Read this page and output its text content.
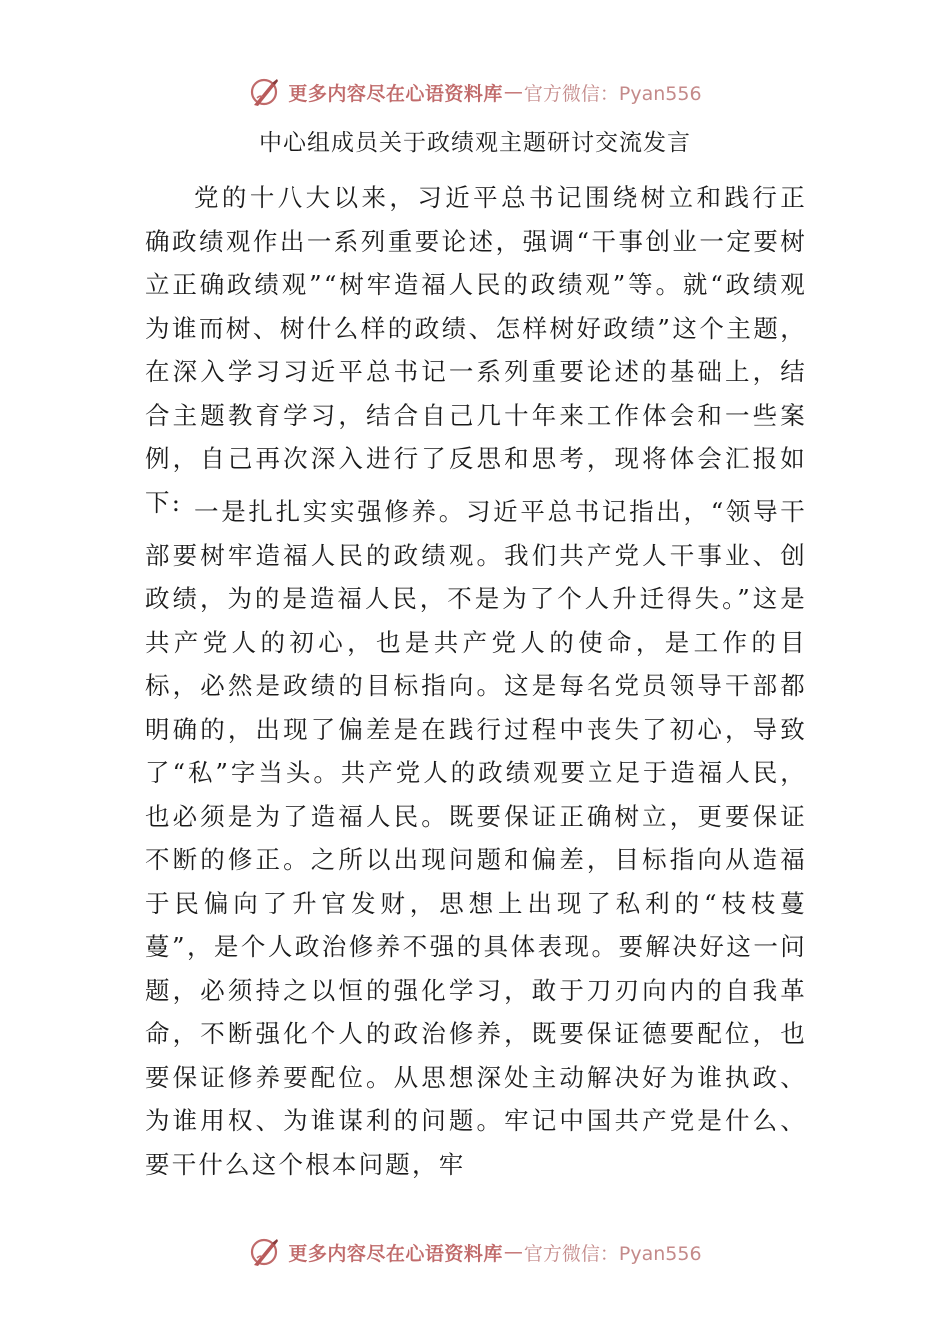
更多内容尽在心语资料库 — 官方微信：Pyan556
中心组成员关于政绩观主题研讨交流发言

党的十八大以来，习近平总书记围绕树立和践行正确政绩观作出一系列重要论述，强调“干事创业一定要树立正确政绩观”“树牢造福人民的政绩观”等。就“政绩观为谁而树、树什么样的政绩、怎样树好政绩”这个主题，在深入学习习近平总书记一系列重要论述的基础上，结合主题教育学习，结合自己几十年来工作体会和一些案例，自己再次深入进行了反思和思考，现将体会汇报如下: 一是扎扎实实强修养。习近平总书记指出，“领导干部要树牢造福人民的政绩观。我们共产党人干事业、创政绩，为的是造福人民，不是为了个人升迁得失。”这是共产党人的初心，也是共产党人的使命，是工作的目标，必然是政绩的目标指向。这是每名党员领导干部都明确的，出现了偏差是在践行过程中丧失了初心，导致了“私”字当头。共产党人的政绩观要立足于造福人民，也必须是为了造福人民。既要保证正确树立，更要保证不断的修正。之所以出现问题和偏差，目标指向从造福于民偏向了升官发财，思想上出现了私利的“枝枝蔓蔓”，是个人政治修养不强的具体表现。要解决好这一问题，必须持之以恒的强化学习，敢于刀刃向内的自我革命，不断强化个人的政治修养，既要保证德要配位，也要保证修养要配位。从思想深处主动解决好为谁执政、为谁用权、为谁谋利的问题。牢记中国共产党是什么、要干什么这个根本问题，牢

更多内容尽在心语资料库 — 官方微信：Pyan556
